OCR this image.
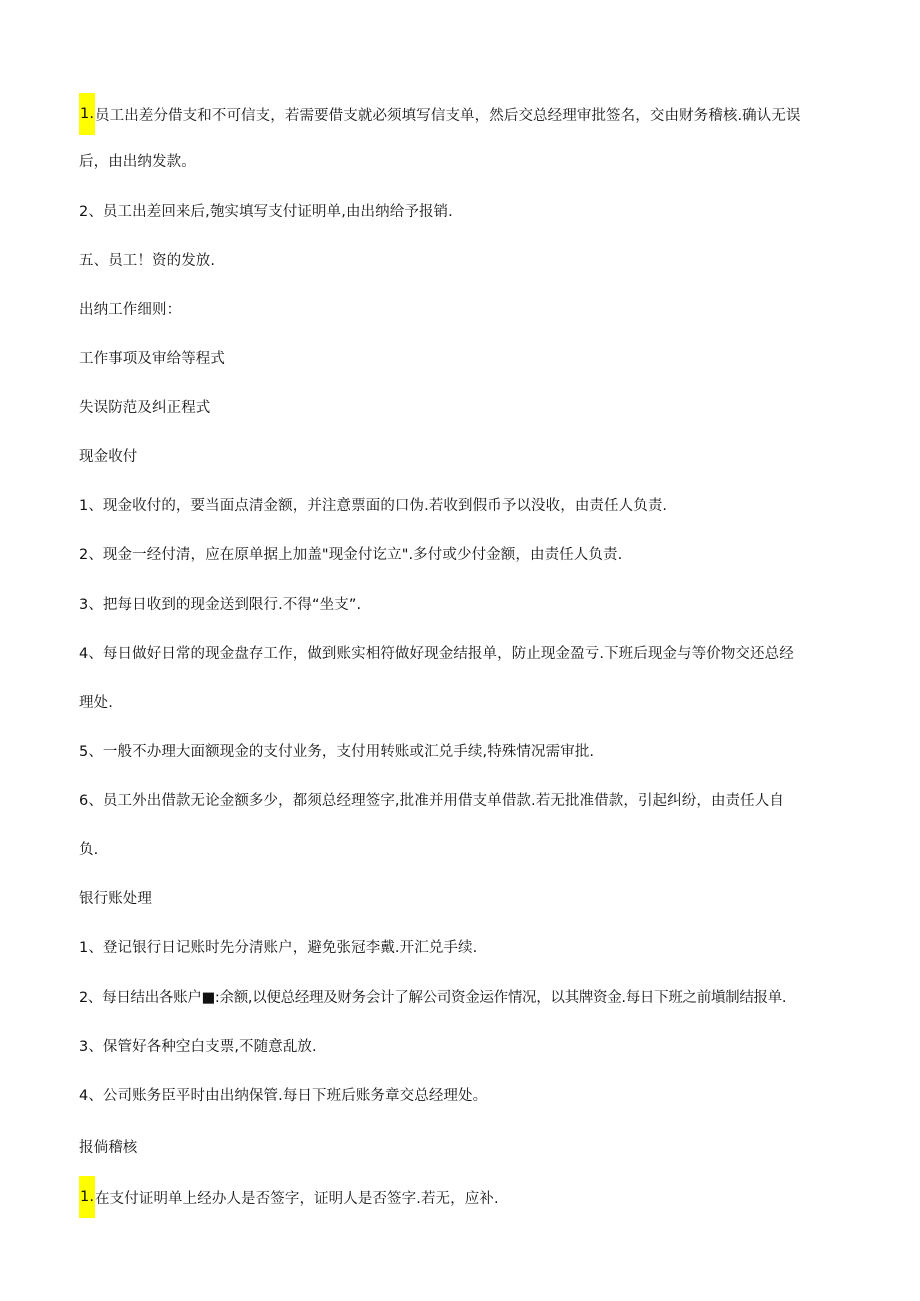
1.员工出差分借支和不可信支，若需要借支就必须填写信支单，然后交总经理审批签名，交由财务稽核.确认无误
后，由出纳发款。
2、员工出差回来后,匏实填写支付证明单,由出纳给予报销.
五、员工！资的发放.
出纳工作细则：
工作事项及审给等程式
失误防范及纠正程式
现金收付
1、现金收付的，要当面点清金额，并注意票面的口伪.若收到假币予以没收，由责任人负责.
2、现金一经付清，应在原单据上加盖"现金付讫立".多付或少付金额，由责任人负责.
3、把每日收到的现金送到限行.不得“坐支”.
4、每日做好日常的现金盘存工作，做到账实相符做好现金结报单，防止现金盈亏.下班后现金与等价物交还总经
理处.
5、一般不办理大面额现金的支付业务，支付用转账或汇兑手续,特殊情况需审批.
6、员工外出借款无论金额多少，都须总经理签字,批准并用借支单借款.若无批准借款，引起纠纷，由责任人自
负.
银行账处理
1、登记银行日记账时先分清账户，避免张冠李戴.开汇兑手续.
2、每日结出各账户■:余额,以便总经理及财务会计了解公司资金运作情况，以其牌资金.每日下班之前塡制结报单.
3、保管好各种空白支票,不随意乱放.
4、公司账务臣平时由出纳保管.每日下班后账务章交总经理处。
报倘稽核
1.在支付证明单上经办人是否签字，证明人是否签字.若无，应补.
